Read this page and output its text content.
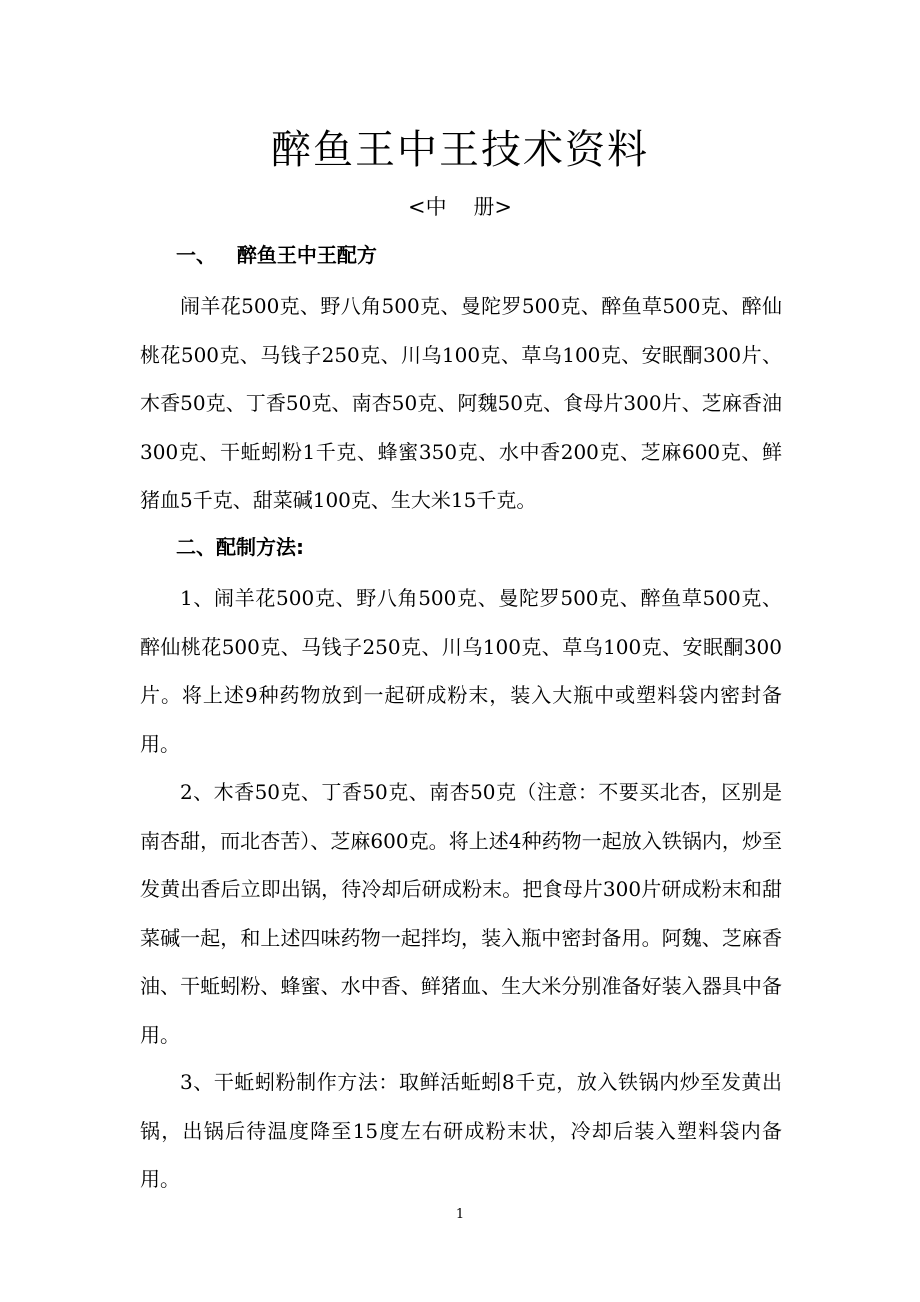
醉鱼王中王技术资料
<中    册>
一、   醉鱼王中王配方

闹羊花500克、野八角500克、曼陀罗500克、醉鱼草500克、醉仙桃花500克、马钱子250克、川乌100克、草乌100克、安眠酮300片、木香50克、丁香50克、南杏50克、阿魏50克、食母片300片、芝麻香油300克、干蚯蚓粉1千克、蜂蜜350克、水中香200克、芝麻600克、鲜猪血5千克、甜菜碱100克、生大米15千克。

二、配制方法:

1、闹羊花500克、野八角500克、曼陀罗500克、醉鱼草500克、醉仙桃花500克、马钱子250克、川乌100克、草乌100克、安眠酮300片。将上述9种药物放到一起研成粉末，装入大瓶中或塑料袋内密封备用。

2、木香50克、丁香50克、南杏50克（注意：不要买北杏，区别是南杏甜，而北杏苦）、芝麻600克。将上述4种药物一起放入铁锅内，炒至发黄出香后立即出锅，待冷却后研成粉末。把食母片300片研成粉末和甜菜碱一起，和上述四味药物一起拌均，装入瓶中密封备用。阿魏、芝麻香油、干蚯蚓粉、蜂蜜、水中香、鲜猪血、生大米分别准备好装入器具中备用。

3、干蚯蚓粉制作方法：取鲜活蚯蚓8千克，放入铁锅内炒至发黄出锅，出锅后待温度降至15度左右研成粉末状，冷却后装入塑料袋内备用。

1
